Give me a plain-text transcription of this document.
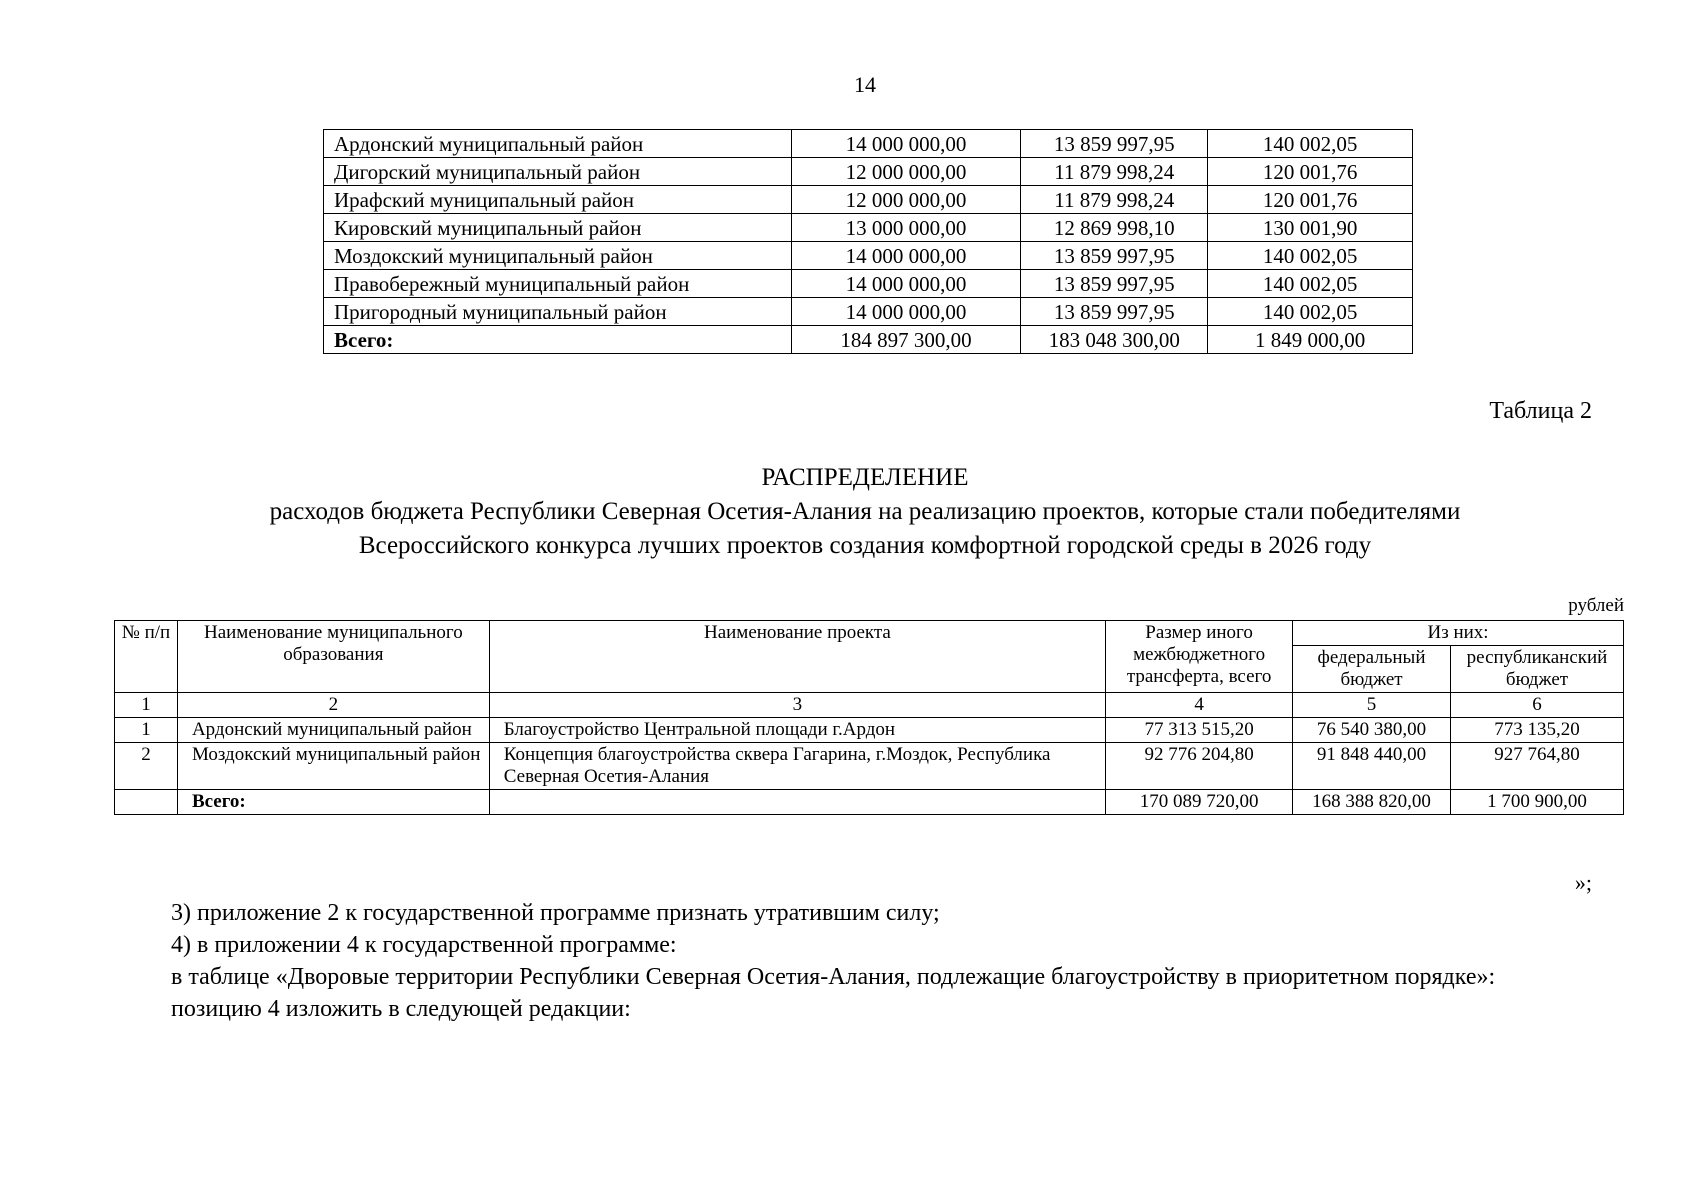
14
Ардонский муниципальный район	14 000 000,00	13 859 997,95	140 002,05
Дигорский муниципальный район	12 000 000,00	11 879 998,24	120 001,76
Ирафский муниципальный район	12 000 000,00	11 879 998,24	120 001,76
Кировский муниципальный район	13 000 000,00	12 869 998,10	130 001,90
Моздокский муниципальный район	14 000 000,00	13 859 997,95	140 002,05
Правобережный муниципальный район	14 000 000,00	13 859 997,95	140 002,05
Пригородный муниципальный район	14 000 000,00	13 859 997,95	140 002,05
Всего:	184 897 300,00	183 048 300,00	1 849 000,00
Таблица 2
РАСПРЕДЕЛЕНИЕ
расходов бюджета Республики Северная Осетия-Алания на реализацию проектов, которые стали победителями
Всероссийского конкурса лучших проектов создания комфортной городской среды в 2026 году
рублей
№ п/п	Наименование муниципального образования	Наименование проекта	Размер иного межбюджетного трансферта, всего	Из них:	
				федеральный бюджет	республиканский бюджет
1	2	3	4	5	6
1	Ардонский муниципальный район	Благоустройство Центральной площади г.Ардон	77 313 515,20	76 540 380,00	773 135,20
2	Моздокский муниципальный район	Концепция благоустройства сквера Гагарина, г.Моздок, Республика Северная Осетия-Алания	92 776 204,80	91 848 440,00	927 764,80
	Всего:		170 089 720,00	168 388 820,00	1 700 900,00
»;

3) приложение 2 к государственной программе признать утратившим силу;

4) в приложении 4 к государственной программе:

в таблице «Дворовые территории Республики Северная Осетия-Алания, подлежащие благоустройству в приоритетном порядке»:

позицию 4 изложить в следующей редакции:
